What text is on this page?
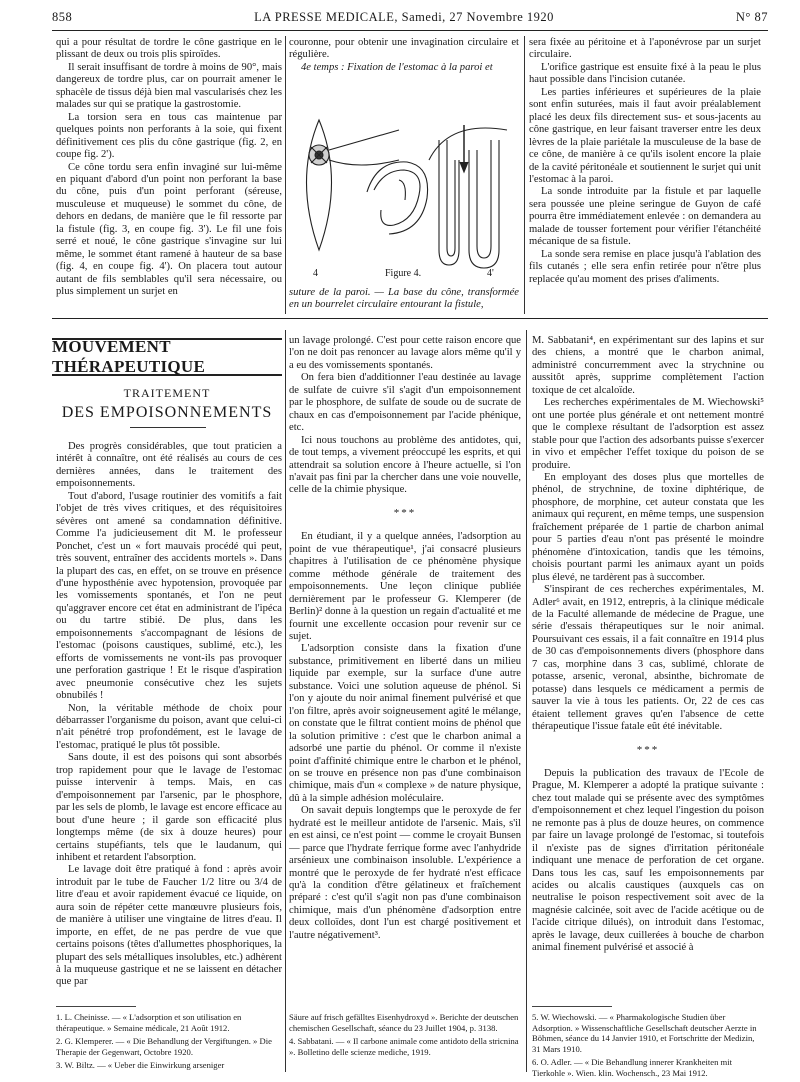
858	LA PRESSE MEDICALE, Samedi, 27 Novembre 1920	N° 87

qui a pour résultat de tordre le cône gastrique en le plissant de deux ou trois plis spiroïdes.

Il serait insuffisant de tordre à moins de 90°, mais dangereux de tordre plus, car on pourrait amener le sphacèle de tissus déjà bien mal vascularisés chez les malades sur qui se pratique la gastrostomie.

La torsion sera en tous cas maintenue par quelques points non perforants à la soie, qui fixent définitivement ces plis du cône gastrique (fig. 2, en coupe fig. 2').

Ce cône tordu sera enfin invaginé sur lui-même en piquant d'abord d'un point non perforant la base du cône, puis d'un point perforant (séreuse, musculeuse et muqueuse) le sommet du cône, de dehors en dedans, de manière que le fil ressorte par la fistule (fig. 3, en coupe fig. 3'). Le fil une fois serré et noué, le cône gastrique s'invagine sur lui même, le sommet étant ramené à hauteur de sa base (fig. 4, en coupe fig. 4'). On placera tout autour autant de fils semblables qu'il sera nécessaire, ou plus simplement un surjet en

couronne, pour obtenir une invagination circulaire et régulière.

4e temps : Fixation de l'estomac à la paroi et

4	Figure 4.	4'
suture de la paroi. — La base du cône, transformée en un bourrelet circulaire entourant la fistule,

sera fixée au péritoine et à l'aponévrose par un surjet circulaire.

L'orifice gastrique est ensuite fixé à la peau le plus haut possible dans l'incision cutanée.

Les parties inférieures et supérieures de la plaie sont enfin suturées, mais il faut avoir préalablement placé les deux fils directement sus- et sous-jacents au cône gastrique, en leur faisant traverser entre les deux lèvres de la plaie pariétale la musculeuse de la base de ce cône, de manière à ce qu'ils isolent encore la plaie de la cavité péritonéale et soutiennent le surjet qui unit l'estomac à la paroi.

La sonde introduite par la fistule et par laquelle sera poussée une pleine seringue de Guyon de café pourra être immédiatement enlevée : on demandera au malade de tousser fortement pour vérifier l'étanchéité mécanique de sa fistule.

La sonde sera remise en place jusqu'à l'ablation des fils cutanés ; elle sera enfin retirée pour n'être plus replacée qu'au moment des prises d'aliments.

MOUVEMENT THÉRAPEUTIQUE
TRAITEMENT
DES EMPOISONNEMENTS

Des progrès considérables, que tout praticien a intérêt à connaître, ont été réalisés au cours de ces dernières années, dans le traitement des empoisonnements.

Tout d'abord, l'usage routinier des vomitifs a fait l'objet de très vives critiques, et des réquisitoires sévères ont amené sa condamnation définitive. Comme l'a judicieusement dit M. le professeur Ponchet, c'est un « fort mauvais procédé qui peut, très souvent, entraîner des accidents mortels ». Dans la plupart des cas, en effet, on se trouve en présence d'une hyposthénie avec hypotension, provoquée par les vomissements spontanés, et l'on ne peut qu'aggraver encore cet état en administrant de l'ipéca ou du tartre stibié. De plus, dans les empoisonnements s'accompagnant de lésions de l'estomac (poisons caustiques, sublimé, etc.), les efforts de vomissements ne vont-ils pas provoquer une perforation gastrique ! Et le risque d'aspiration avec pneumonie consécutive chez les sujets obnubilés !

Non, la véritable méthode de choix pour débarrasser l'organisme du poison, avant que celui-ci n'ait pénétré trop profondément, est le lavage de l'estomac, pratiqué le plus tôt possible.

Sans doute, il est des poisons qui sont absorbés trop rapidement pour que le lavage de l'estomac puisse intervenir à temps. Mais, en cas d'empoisonnement par l'arsenic, par le phosphore, par les sels de plomb, le lavage est encore efficace au bout d'une heure ; il garde son efficacité plus longtemps même (de six à douze heures) pour certains stupéfiants, tels que le laudanum, qui inhibent et retardent l'absorption.

Le lavage doit être pratiqué à fond : après avoir introduit par le tube de Faucher 1/2 litre ou 3/4 de litre d'eau et avoir rapidement évacué ce liquide, on aura soin de répéter cette manœuvre plusieurs fois, de manière à utiliser une vingtaine de litres d'eau. Il importe, en effet, de ne pas perdre de vue que certains poisons (têtes d'allumettes phosphoriques, la plupart des sels métalliques insolubles, etc.) adhèrent à la muqueuse gastrique et ne se laissent en détacher que par

un lavage prolongé. C'est pour cette raison encore que l'on ne doit pas renoncer au lavage alors même qu'il y a eu des vomissements spontanés.

On fera bien d'additionner l'eau destinée au lavage de sulfate de cuivre s'il s'agit d'un empoisonnement par le phosphore, de sulfate de soude ou de sucrate de chaux en cas d'empoisonnement par l'acide phénique, etc.

Ici nous touchons au problème des antidotes, qui, de tout temps, a vivement préoccupé les esprits, et qui attendrait sa solution encore à l'heure actuelle, si l'on n'avait pas fini par la chercher dans une voie nouvelle, celle de la chimie physique.

***

En étudiant, il y a quelque années, l'adsorption au point de vue thérapeutique¹, j'ai consacré plusieurs chapitres à l'utilisation de ce phénomène physique comme méthode générale de traitement des empoisonnements. Une leçon clinique publiée dernièrement par le professeur G. Klemperer (de Berlin)² donne à la question un regain d'actualité et me fournit une excellente occasion pour revenir sur ce sujet.

L'adsorption consiste dans la fixation d'une substance, primitivement en liberté dans un milieu liquide par exemple, sur la surface d'une autre substance. Voici une solution aqueuse de phénol. Si l'on y ajoute du noir animal finement pulvérisé et que l'on filtre, après avoir soigneusement agité le mélange, on constate que le filtrat contient moins de phénol que la solution primitive : c'est que le charbon animal a adsorbé une partie du phénol. Or comme il n'existe point d'affinité chimique entre le charbon et le phénol, on se trouve en présence non pas d'une combinaison chimique, mais d'un « complexe » de nature physique, dû à la simple adhésion moléculaire.

On savait depuis longtemps que le peroxyde de fer hydraté est le meilleur antidote de l'arsenic. Mais, s'il en est ainsi, ce n'est point — comme le croyait Bunsen — parce que l'hydrate ferrique forme avec l'anhydride arsénieux une combinaison insoluble. L'expérience a montré que le peroxyde de fer hydraté n'est efficace qu'à la condition d'être gélatineux et fraîchement préparé : c'est qu'il s'agit non pas d'une combinaison chimique, mais d'un phénomène d'adsorption entre deux colloïdes, dont l'un est chargé positivement et l'autre négativement³.

M. Sabbatani⁴, en expérimentant sur des lapins et sur des chiens, a montré que le charbon animal, administré concurremment avec la strychnine ou aussitôt après, supprime complètement l'action toxique de cet alcaloïde.

Les recherches expérimentales de M. Wiechowski⁵ ont une portée plus générale et ont nettement montré que le complexe résultant de l'adsorption est assez stable pour que l'action des adsorbants puisse s'exercer in vivo et empêcher l'effet toxique du poison de se produire.

En employant des doses plus que mortelles de phénol, de strychnine, de toxine diphtérique, de phosphore, de morphine, cet auteur constata que les animaux qui reçurent, en même temps, une suspension fraîchement préparée de 1 partie de charbon animal pour 5 parties d'eau n'ont pas présenté le moindre phénomène d'intoxication, tandis que les témoins, choisis pourtant parmi les animaux ayant un poids plus élevé, ne tardèrent pas à succomber.

S'inspirant de ces recherches expérimentales, M. Adler⁶ avait, en 1912, entrepris, à la clinique médicale de la Faculté allemande de médecine de Prague, une série d'essais thérapeutiques sur le noir animal. Poursuivant ces essais, il a fait connaître en 1914 plus de 30 cas d'empoisonnements divers (phosphore dans 7 cas, morphine dans 3 cas, sublimé, chlorate de potasse, arsenic, veronal, absinthe, bichromate de potasse) dans lesquels ce médicament a permis de sauver la vie à tous les patients. Or, 22 de ces cas étaient tellement graves qu'en l'absence de cette thérapeutique l'issue fatale eût été inévitable.

***

Depuis la publication des travaux de l'Ecole de Prague, M. Klemperer a adopté la pratique suivante : chez tout malade qui se présente avec des symptômes d'empoisonnement et chez lequel l'ingestion du poison ne remonte pas à plus de douze heures, on commence par faire un lavage prolongé de l'estomac, si toutefois il n'existe pas de signes d'irritation péritonéale indiquant une menace de perforation de cet organe. Dans tous les cas, sauf les empoisonnements par acides ou alcalis caustiques (auxquels cas on neutralise le poison respectivement soit avec de la magnésie calcinée, soit avec de l'acide acétique ou de l'acide citrique dilués), on introduit dans l'estomac, après le lavage, deux cuillerées à bouche de charbon animal finement pulvérisé et associé à

1. L. Cheinisse. — « L'adsorption et son utilisation en thérapeutique. » Semaine médicale, 21 Août 1912.

2. G. Klemperer. — « Die Behandlung der Vergiftungen. » Die Therapie der Gegenwart, Octobre 1920.

3. W. Biltz. — « Ueber die Einwirkung arseniger

Säure auf frisch gefälltes Eisenhydroxyd ». Berichte der deutschen chemischen Gesellschaft, séance du 23 Juillet 1904, p. 3138.

4. Sabbatani. — « Il carbone animale come antidoto della stricnina ». Bolletino delle scienze mediche, 1919.

5. W. Wiechowski. — « Pharmakologische Studien über Adsorption. » Wissenschaftliche Gesellschaft deutscher Aerzte in Böhmen, séance du 14 Janvier 1910, et Fortschritte der Medizin, 31 Mars 1910.

6. O. Adler. — « Die Behandlung innerer Krankheiten mit Tierkohle ». Wien. klin. Wochensch., 23 Mai 1912.
